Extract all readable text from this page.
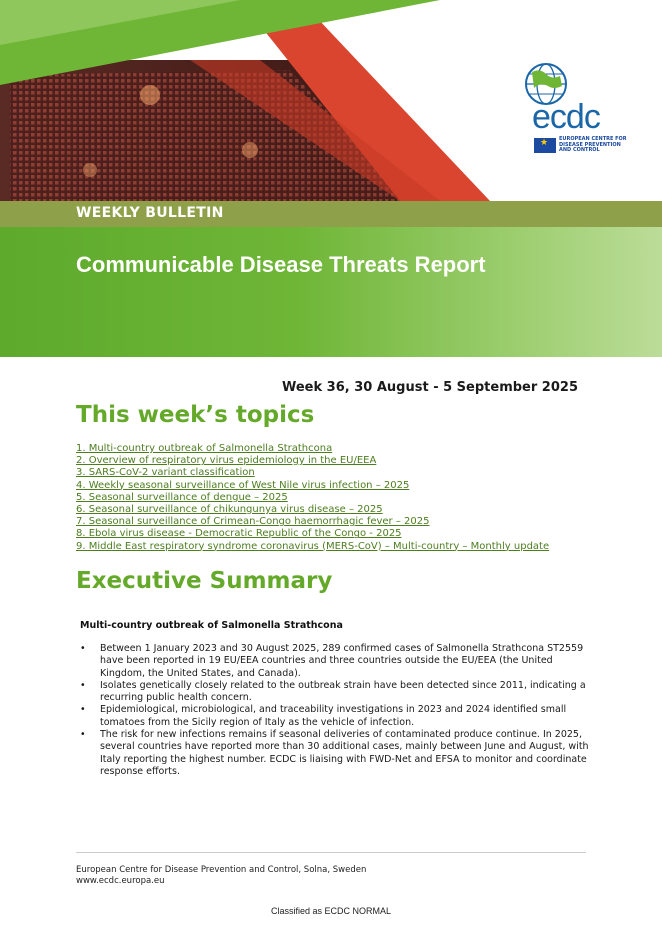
ecdc
★
EUROPEAN CENTRE FOR
DISEASE PREVENTION
AND CONTROL
WEEKLY BULLETIN
Communicable Disease Threats Report
Week 36, 30 August - 5 September 2025
This week’s topics
1. Multi-country outbreak of Salmonella Strathcona
2. Overview of respiratory virus epidemiology in the EU/EEA
3. SARS-CoV-2 variant classification
4. Weekly seasonal surveillance of West Nile virus infection – 2025
5. Seasonal surveillance of dengue – 2025
6. Seasonal surveillance of chikungunya virus disease – 2025
7. Seasonal surveillance of Crimean-Congo haemorrhagic fever – 2025
8. Ebola virus disease - Democratic Republic of the Congo - 2025
9. Middle East respiratory syndrome coronavirus (MERS-CoV) – Multi-country – Monthly update
Executive Summary
Multi-country outbreak of Salmonella Strathcona
• Between 1 January 2023 and 30 August 2025, 289 confirmed cases of Salmonella Strathcona ST2559 have been reported in 19 EU/EEA countries and three countries outside the EU/EEA (the United Kingdom, the United States, and Canada).
• Isolates genetically closely related to the outbreak strain have been detected since 2011, indicating a recurring public health concern.
• Epidemiological, microbiological, and traceability investigations in 2023 and 2024 identified small tomatoes from the Sicily region of Italy as the vehicle of infection.
• The risk for new infections remains if seasonal deliveries of contaminated produce continue. In 2025, several countries have reported more than 30 additional cases, mainly between June and August, with Italy reporting the highest number. ECDC is liaising with FWD-Net and EFSA to monitor and coordinate response efforts.
European Centre for Disease Prevention and Control, Solna, Sweden
www.ecdc.europa.eu
Classified as ECDC NORMAL
